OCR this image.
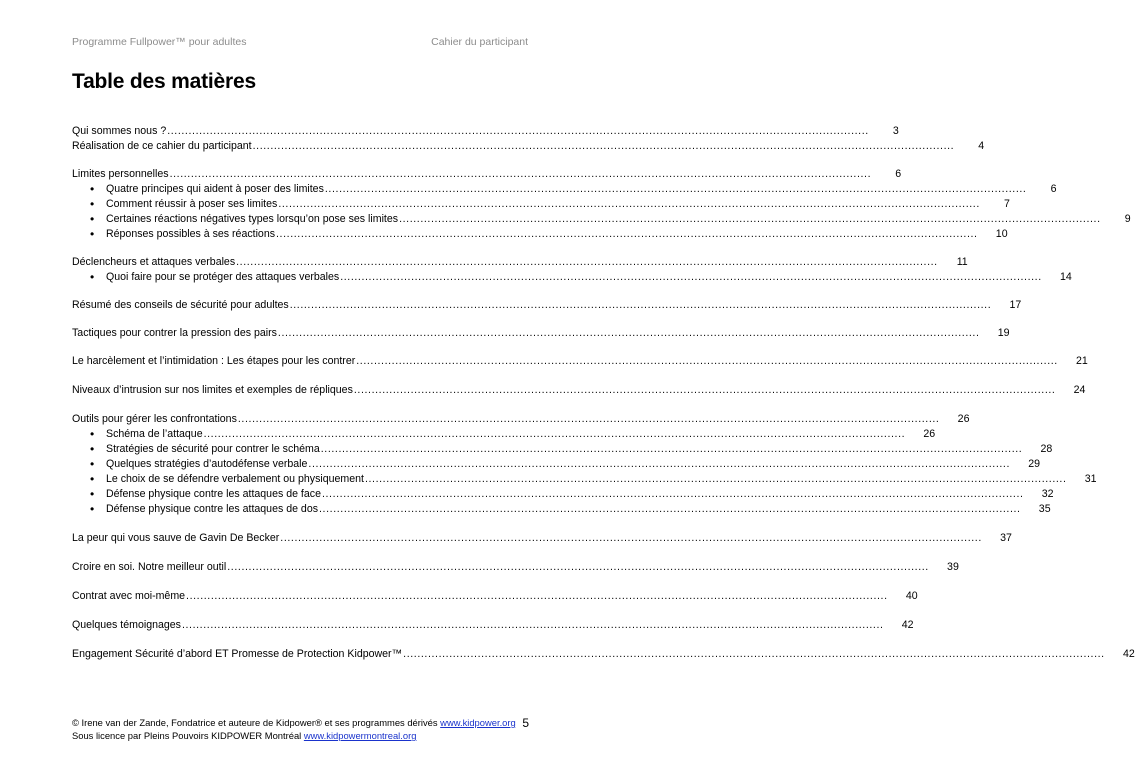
Programme Fullpower™ pour adultes	Cahier du participant
Table des matières
Qui sommes nous ? .....	3
Réalisation de ce cahier du participant .....	4
Limites personnelles .....	6
• Quatre principes qui aident à poser des limites .....	6
• Comment réussir à poser ses limites .....	7
• Certaines réactions négatives types lorsqu’on pose ses limites .....	9
• Réponses possibles à ses réactions .....	10
Déclencheurs et attaques verbales .....	11
• Quoi faire pour se protéger des attaques verbales .....	14
Résumé des conseils de sécurité pour adultes .....	17
Tactiques pour contrer la pression des pairs .....	19
Le harcèlement et l’intimidation : Les étapes pour les contrer .....	21
Niveaux d’intrusion sur nos limites et exemples de répliques .....	24
Outils pour gérer les confrontations .....	26
• Schéma de l’attaque .....	26
• Stratégies de sécurité pour contrer le schéma .....	28
• Quelques stratégies d’autodéfense verbale .....	29
• Le choix de se défendre verbalement ou physiquement .....	31
• Défense physique contre les attaques de face .....	32
• Défense physique contre les attaques de dos .....	35
La peur qui vous sauve de Gavin De Becker .....	37
Croire en soi. Notre meilleur outil .....	39
Contrat avec moi-même .....	40
Quelques témoignages .....	42
Engagement Sécurité d’abord ET Promesse de Protection Kidpower™ .....	42
© Irene van der Zande, Fondatrice et auteure de Kidpower® et ses programmes dérivés www.kidpower.org
Sous licence par Pleins Pouvoirs KIDPOWER Montréal www.kidpowermontreal.org
5
